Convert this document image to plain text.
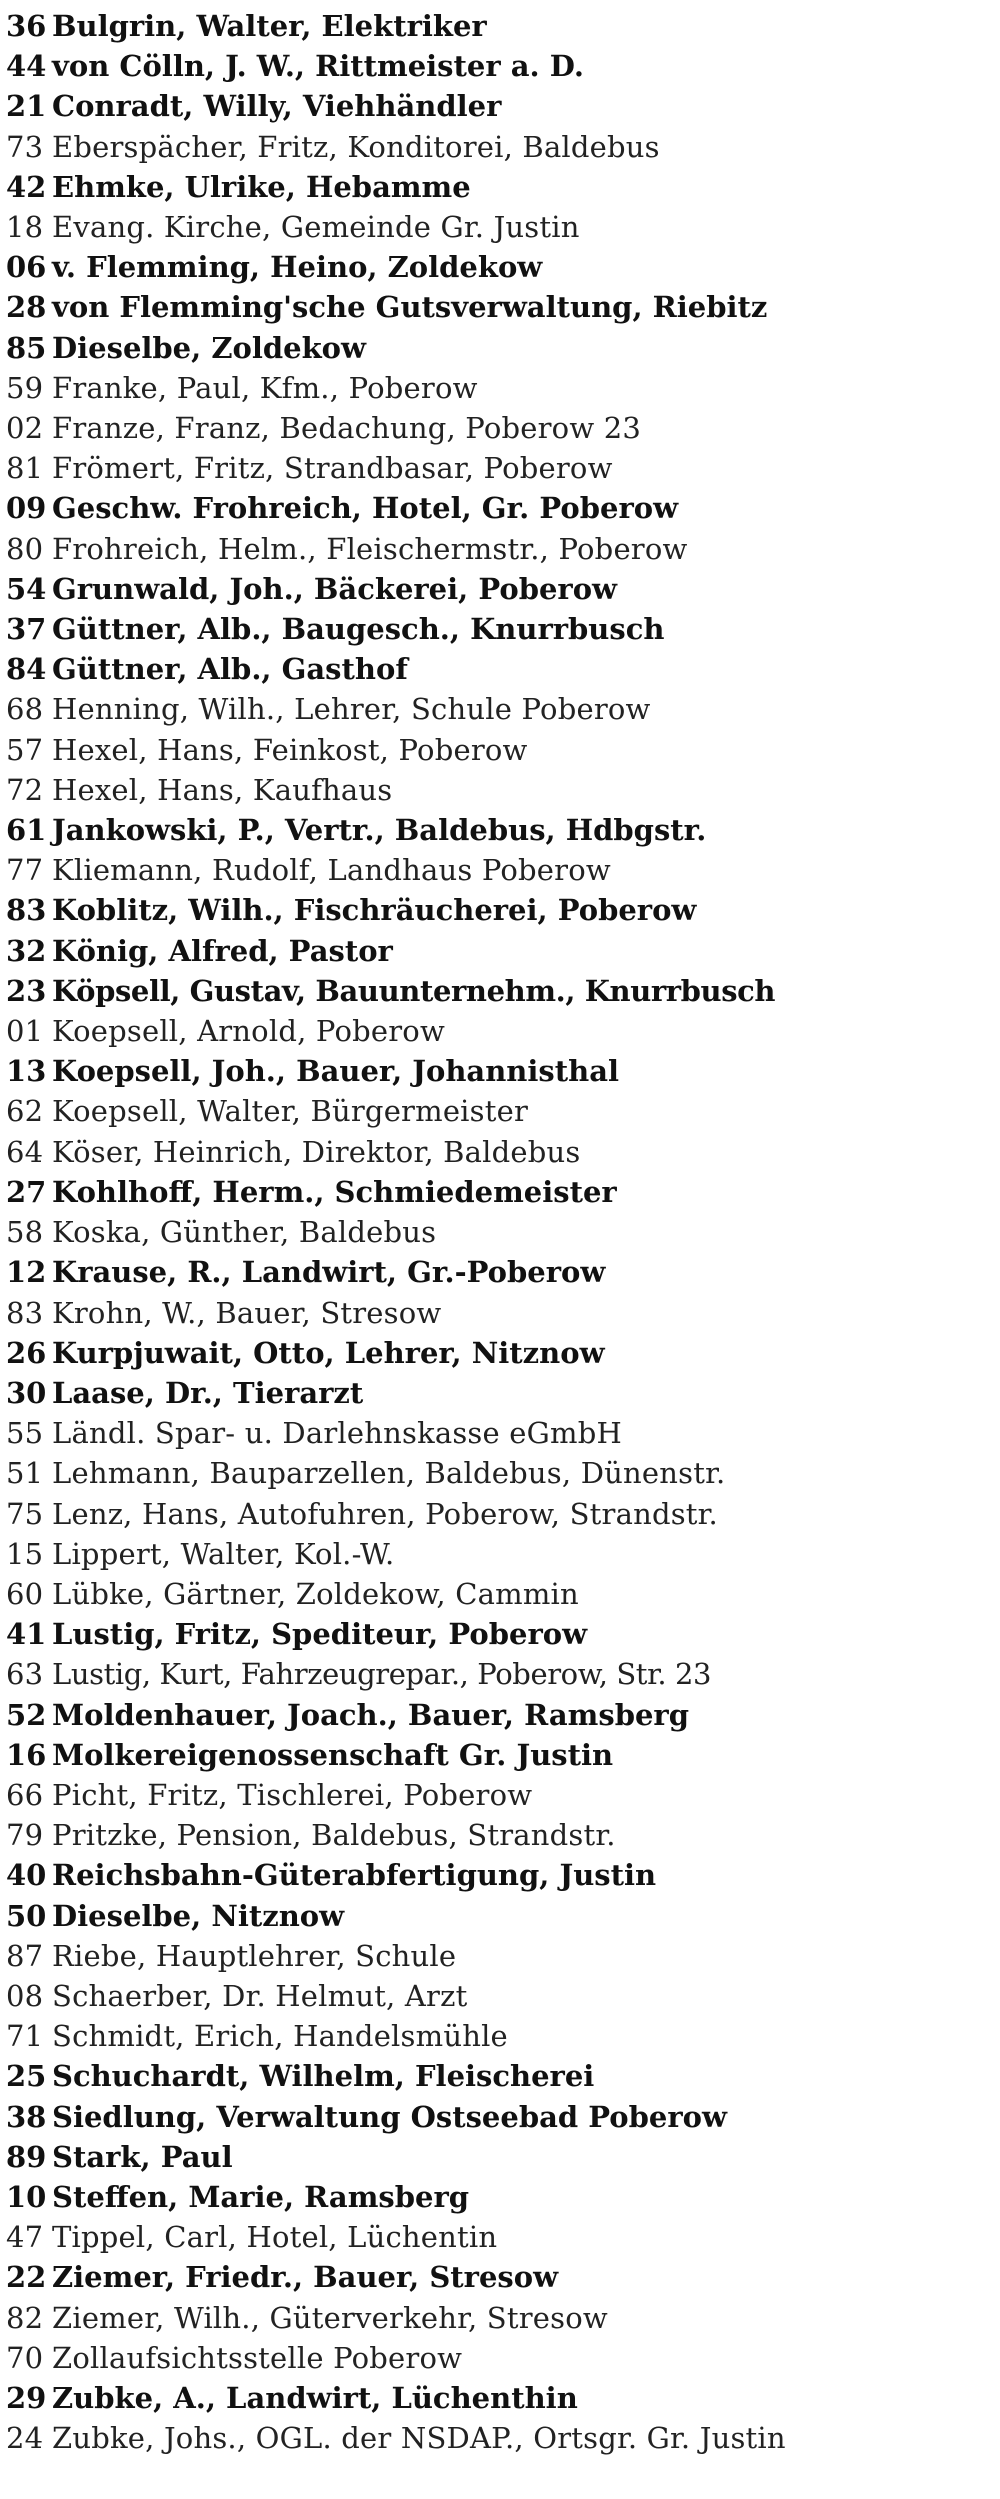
36 Bulgrin, Walter, Elektriker
44 von Cölln, J. W., Rittmeister a. D.
21 Conradt, Willy, Viehhändler
73 Eberspächer, Fritz, Konditorei, Baldebus
42 Ehmke, Ulrike, Hebamme
18 Evang. Kirche, Gemeinde Gr. Justin
06 v. Flemming, Heino, Zoldekow
28 von Flemming'sche Gutsverwaltung, Riebitz
85 Dieselbe, Zoldekow
59 Franke, Paul, Kfm., Poberow
02 Franze, Franz, Bedachung, Poberow 23
81 Frömert, Fritz, Strandbasar, Poberow
09 Geschw. Frohreich, Hotel, Gr. Poberow
80 Frohreich, Helm., Fleischermstr., Poberow
54 Grunwald, Joh., Bäckerei, Poberow
37 Güttner, Alb., Baugesch., Knurrbusch
84 Güttner, Alb., Gasthof
68 Henning, Wilh., Lehrer, Schule Poberow
57 Hexel, Hans, Feinkost, Poberow
72 Hexel, Hans, Kaufhaus
61 Jankowski, P., Vertr., Baldebus, Hdbgstr.
77 Kliemann, Rudolf, Landhaus Poberow
83 Koblitz, Wilh., Fischräucherei, Poberow
32 König, Alfred, Pastor
23 Köpsell, Gustav, Bauunternehm., Knurrbusch
01 Koepsell, Arnold, Poberow
13 Koepsell, Joh., Bauer, Johannisthal
62 Koepsell, Walter, Bürgermeister
64 Köser, Heinrich, Direktor, Baldebus
27 Kohlhoff, Herm., Schmiedemeister
58 Koska, Günther, Baldebus
12 Krause, R., Landwirt, Gr.-Poberow
83 Krohn, W., Bauer, Stresow
26 Kurpjuwait, Otto, Lehrer, Nitznow
30 Laase, Dr., Tierarzt
55 Ländl. Spar- u. Darlehnskasse eGmbH
51 Lehmann, Bauparzellen, Baldebus, Dünenstr.
75 Lenz, Hans, Autofuhren, Poberow, Strandstr.
15 Lippert, Walter, Kol.-W.
60 Lübke, Gärtner, Zoldekow, Cammin
41 Lustig, Fritz, Spediteur, Poberow
63 Lustig, Kurt, Fahrzeugrepar., Poberow, Str. 23
52 Moldenhauer, Joach., Bauer, Ramsberg
16 Molkereigenossenschaft Gr. Justin
66 Picht, Fritz, Tischlerei, Poberow
79 Pritzke, Pension, Baldebus, Strandstr.
40 Reichsbahn-Güterabfertigung, Justin
50 Dieselbe, Nitznow
87 Riebe, Hauptlehrer, Schule
08 Schaerber, Dr. Helmut, Arzt
71 Schmidt, Erich, Handelsmühle
25 Schuchardt, Wilhelm, Fleischerei
38 Siedlung, Verwaltung Ostseebad Poberow
89 Stark, Paul
10 Steffen, Marie, Ramsberg
47 Tippel, Carl, Hotel, Lüchentin
22 Ziemer, Friedr., Bauer, Stresow
82 Ziemer, Wilh., Güterverkehr, Stresow
70 Zollaufsichtsstelle Poberow
29 Zubke, A., Landwirt, Lüchenthin
24 Zubke, Johs., OGL. der NSDAP., Ortsgr. Gr. Justin
